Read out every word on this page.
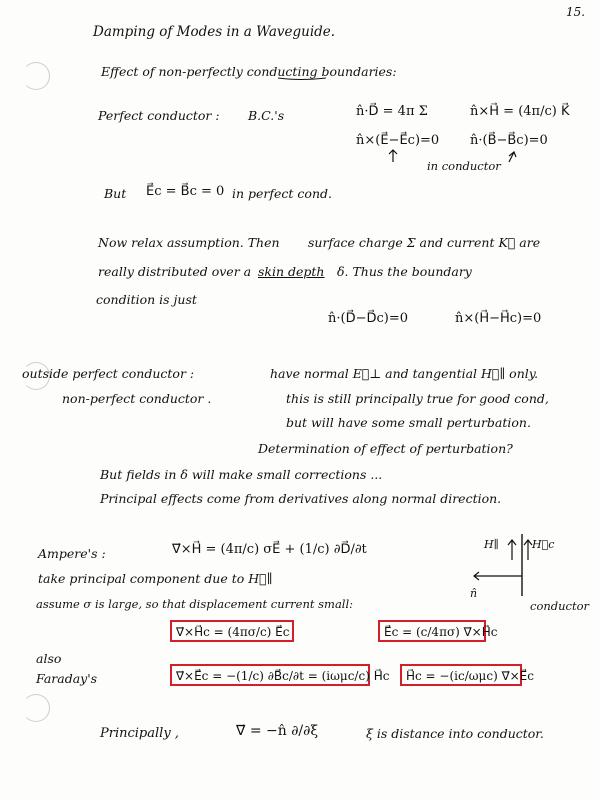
15.
Damping of Modes in a Waveguide.
Effect of non-perfectly conducting boundaries:
Perfect conductor : B.C.'s	n̂·D⃗ = 4π Σ	n̂×H⃗ = (4π/c) K⃗
n̂×(E⃗−E⃗c)=0 n̂·(B⃗−B⃗c)=0
in conductor
But E⃗c = B⃗c = 0 in perfect cond.
Now relax assumption. Then surface charge Σ and current K⃗ are
really distributed over a skin depth δ. Thus the boundary
condition is just
n̂·(D⃗−D⃗c)=0	n̂×(H⃗−H⃗c)=0
outside perfect conductor :	have normal E⃗⊥ and tangential H⃗∥ only.
non-perfect conductor .	this is still principally true for good cond,
but will have some small perturbation.
Determination of effect of perturbation?
But fields in δ will make small corrections ...
Principal effects come from derivatives along normal direction.
Ampere's :	∇⃗×H⃗ = (4π/c) σE⃗ + (1/c) ∂D⃗/∂t
take principal component due to H⃗∥
assume σ is large, so that displacement current small:
∇⃗×H⃗c = (4πσ/c) E⃗c	E⃗c = (c/4πσ) ∇⃗×H⃗c
H∥	H⃗c
n̂
conductor
also
Faraday's	∇⃗×E⃗c = −(1/c) ∂B⃗c/∂t = (iωμc/c) H⃗c	H⃗c = −(ic/ωμc) ∇⃗×E⃗c
Principally ,	∇⃗ = −n̂ ∂/∂ξ	ξ is distance into conductor.
